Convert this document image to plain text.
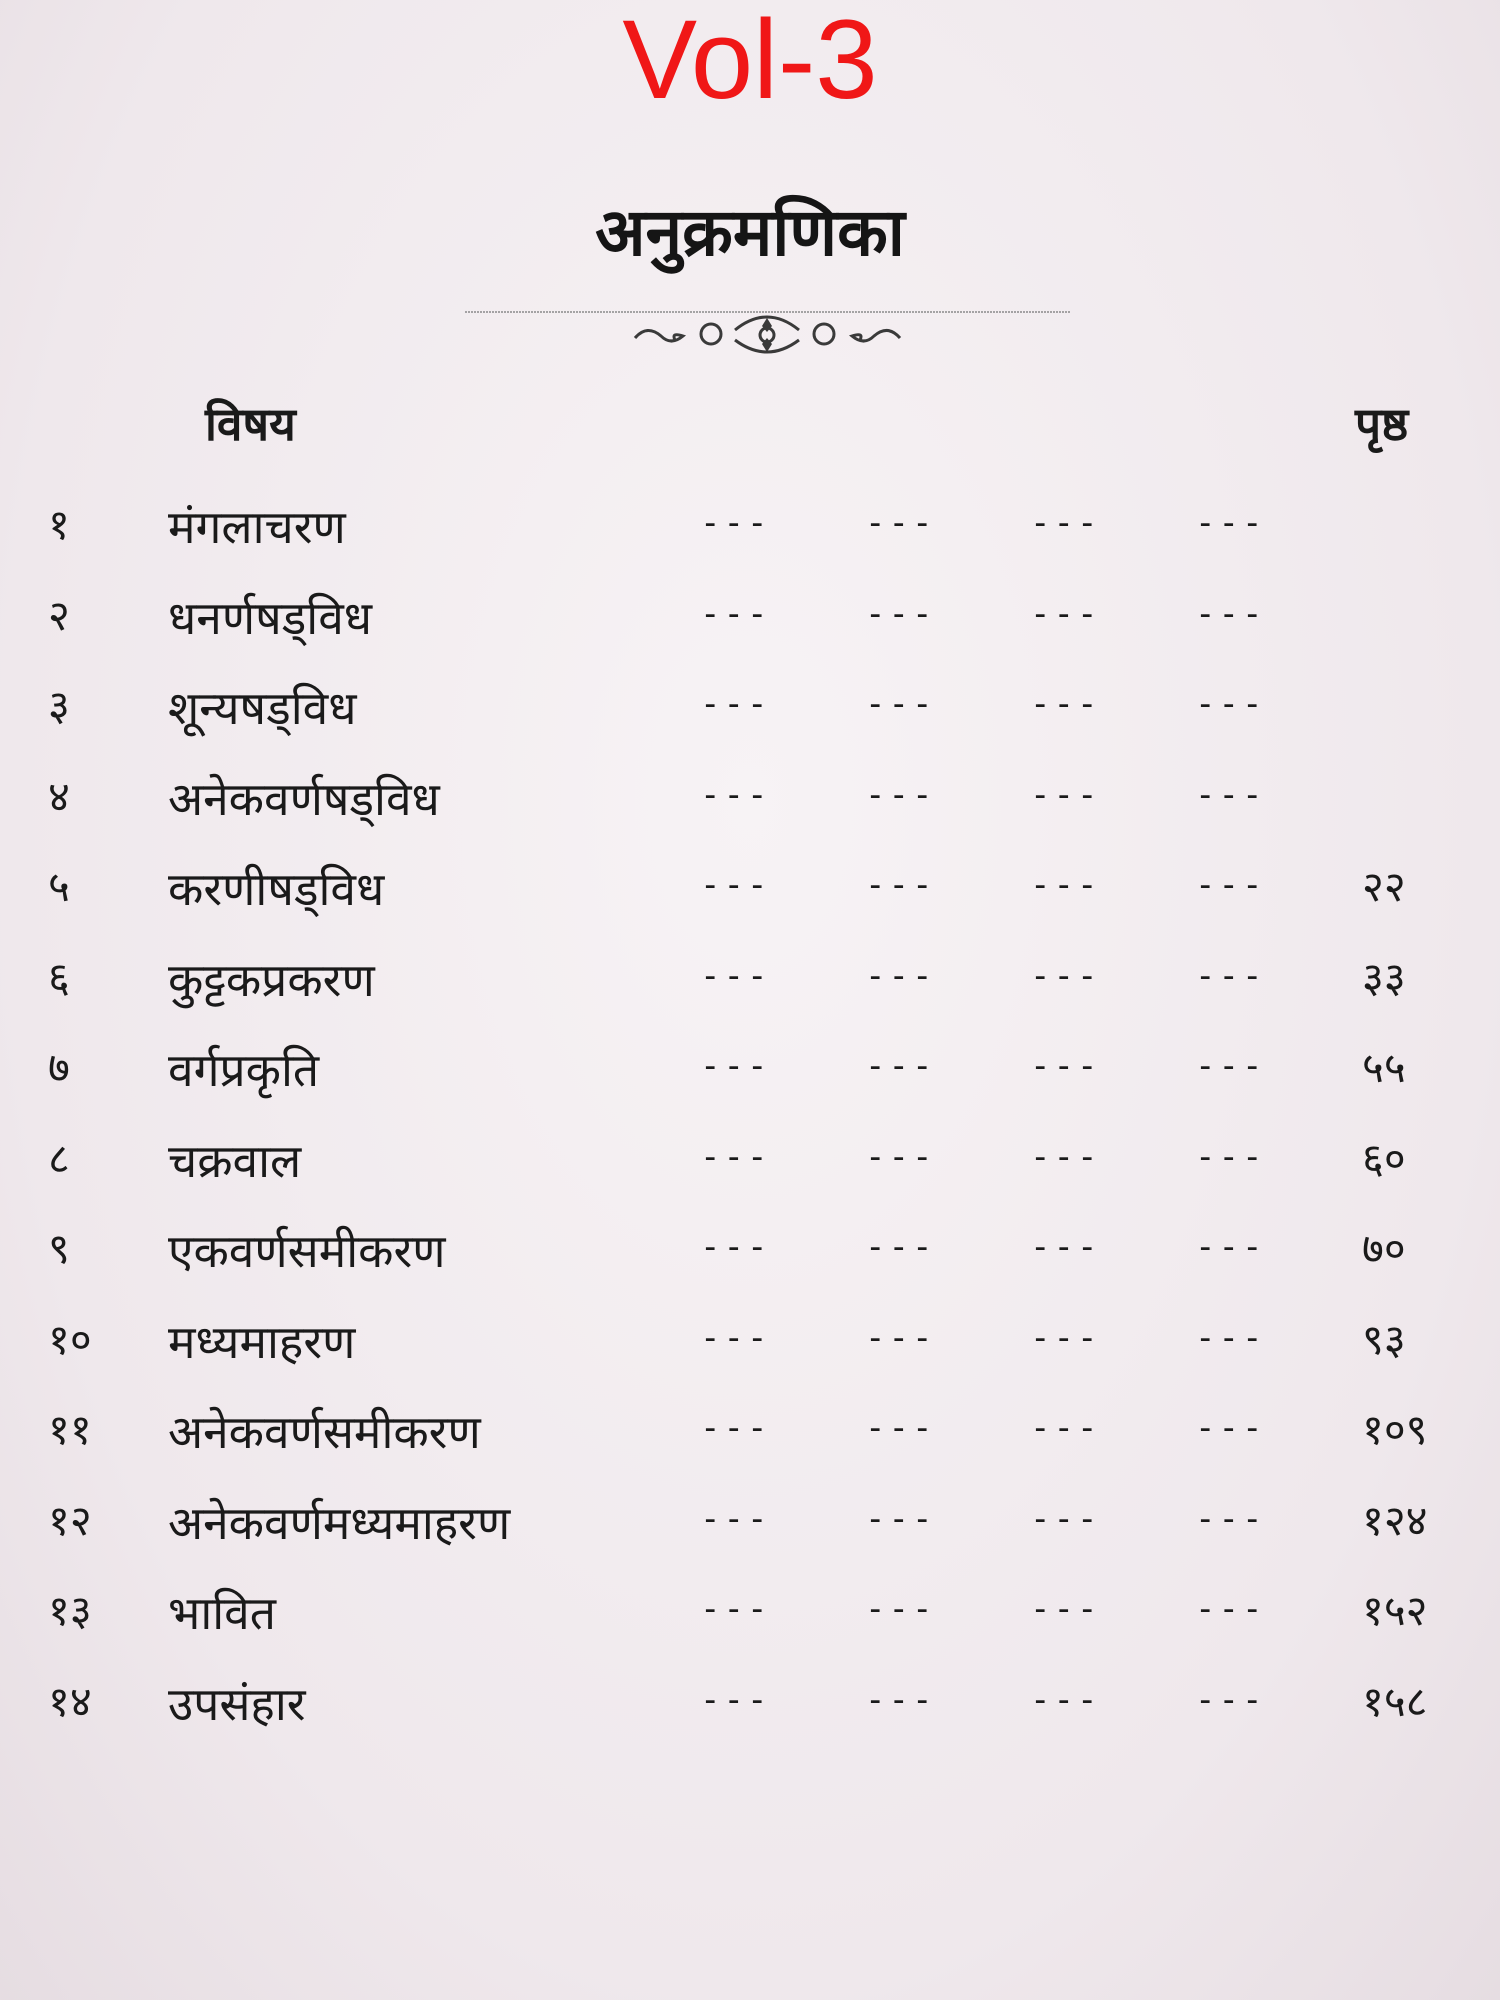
Vol-3
अनुक्रमणिका
विषय	पृष्ठ
१ मंगलाचरण	---	---	---	---
२ धनर्णषड्विध	---	---	---	---
३ शून्यषड्विध	---	---	---	---
४ अनेकवर्णषड्विध	---	---	---	---
५ करणीषड्विध	---	---	---	--- २२
६ कुट्टकप्रकरण	---	---	---	--- ३३
७ वर्गप्रकृति	---	---	---	--- ५५
८ चक्रवाल	---	---	---	--- ६०
९ एकवर्णसमीकरण	---	---	---	--- ७०
१० मध्यमाहरण	---	---	---	--- ९३
११ अनेकवर्णसमीकरण	---	---	---	--- १०९
१२ अनेकवर्णमध्यमाहरण	---	---	---	--- १२४
१३ भावित	---	---	---	--- १५२
१४ उपसंहार	---	---	---	--- १५८
